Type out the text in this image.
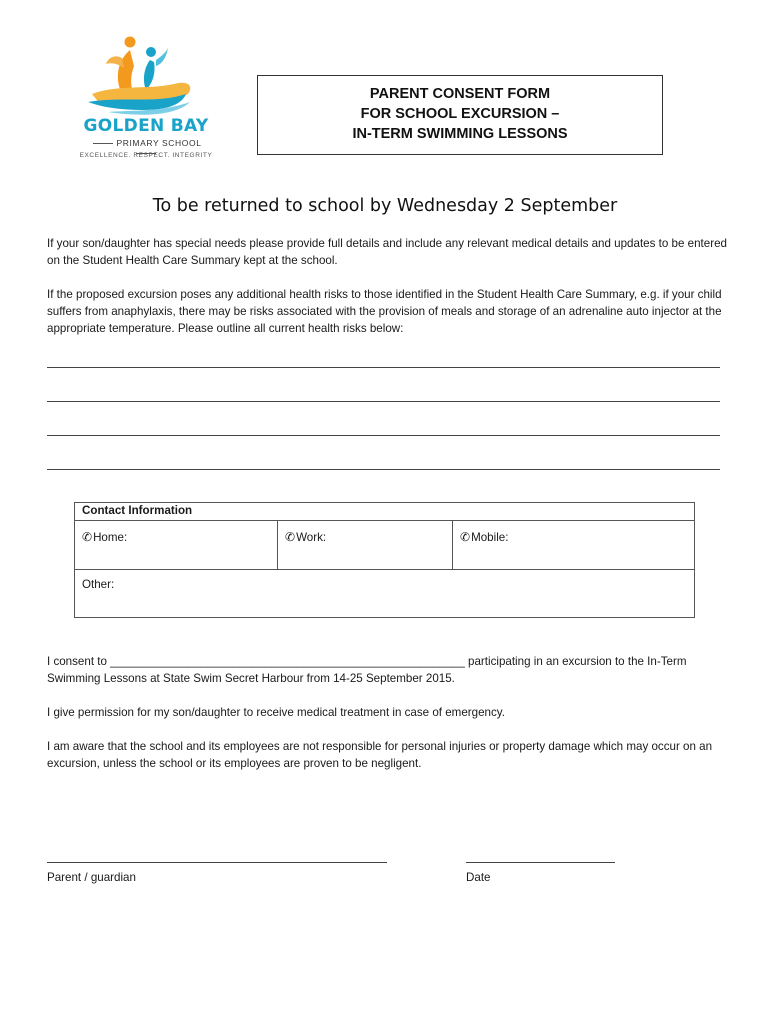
GOLDEN BAY
PRIMARY SCHOOL
EXCELLENCE. RESPECT. INTEGRITY
PARENT CONSENT FORM
FOR SCHOOL EXCURSION –
IN-TERM SWIMMING LESSONS
To be returned to school by Wednesday 2 September
If your son/daughter has special needs please provide full details and include any relevant medical details and updates to be entered on the Student Health Care Summary kept at the school.
If the proposed excursion poses any additional health risks to those identified in the Student Health Care Summary, e.g. if your child suffers from anaphylaxis, there may be risks associated with the provision of meals and storage of an adrenaline auto injector at the appropriate temperature. Please outline all current health risks below:
Contact Information
✆Home:	✆Work:	✆Mobile:
Other:
I consent to _______________________________________________________ participating in an excursion to the In-Term Swimming Lessons at State Swim Secret Harbour from 14-25 September 2015.
I give permission for my son/daughter to receive medical treatment in case of emergency.
I am aware that the school and its employees are not responsible for personal injuries or property damage which may occur on an excursion, unless the school or its employees are proven to be negligent.
Parent / guardian	Date
